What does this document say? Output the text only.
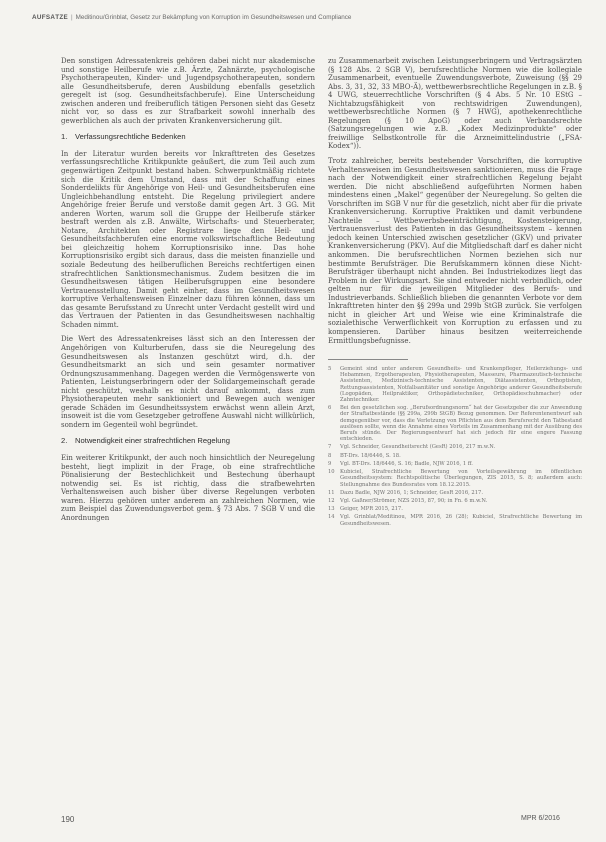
AUFSÄTZE | Meditinou/Grinblat, Gesetz zur Bekämpfung von Korruption im Gesundheitswesen und Compliance

Den sonstigen Adressatenkreis gehören dabei nicht nur akademische und sonstige Heilberufe wie z.B. Ärzte, Zahnärzte, psychologische Psychotherapeuten, Kinder- und Jugendpsychotherapeuten, sondern alle Gesundheitsberufe, deren Ausbildung ebenfalls gesetzlich geregelt ist (sog. Gesundheitsfachberufe). Eine Unterscheidung zwischen anderen und freiberuflich tätigen Personen sieht das Gesetz nicht vor, so dass es zur Strafbarkeit sowohl innerhalb des gewerblichen als auch der privaten Krankenversicherung gilt.

1. Verfassungsrechtliche Bedenken

In der Literatur wurden bereits vor Inkrafttreten des Gesetzes verfassungsrechtliche Kritikpunkte geäußert, die zum Teil auch zum gegenwärtigen Zeitpunkt bestand haben. Schwerpunktmäßig richtete sich die Kritik dem Umstand, dass mit der Schaffung eines Sonderdelikts für Angehörige von Heil- und Gesundheitsberufen eine Ungleichbehandlung entsteht. Die Regelung privilegiert andere Angehörige freier Berufe und verstoße damit gegen Art. 3 GG. Mit anderen Worten, warum soll die Gruppe der Heilberufe stärker bestraft werden als z.B. Anwälte, Wirtschafts- und Steuerberater, Notare, Architekten oder Registrare liege den Heil- und Gesundheitsfachberufen eine enorme volkswirtschaftliche Bedeutung bei gleichzeitig hohem Korruptionsrisiko inne. Das hohe Korruptionsrisiko ergibt sich daraus, dass die meisten finanzielle und soziale Bedeutung des heilberuflichen Bereichs rechtfertigen einen strafrechtlichen Sanktionsmechanismus. Zudem besitzen die im Gesundheitswesen tätigen Heilberufsgruppen eine besondere Vertrauensstellung. Damit geht einher, dass im Gesundheitswesen korruptive Verhaltensweisen Einzelner dazu führen können, dass um das gesamte Berufsstand zu Unrecht unter Verdacht gestellt wird und das Vertrauen der Patienten in das Gesundheitswesen nachhaltig Schaden nimmt.

Die Wert des Adressatenkreises lässt sich an den Interessen der Angehörigen von Kulturberufen, dass sie die Neuregelung des Gesundheitswesen als Instanzen geschützt wird, d.h. der Gesundheitsmarkt an sich und sein gesamter normativer Ordnungszusammenhang. Dagegen werden die Vermögenswerte von Patienten, Leistungserbringern oder der Solidargemeinschaft gerade nicht geschützt, weshalb es nicht darauf ankommt, dass zum Physiotherapeuten mehr sanktioniert und Bewegen auch weniger gerade Schäden im Gesundheitssystem erwächst wenn allein Arzt, insoweit ist die vom Gesetzgeber getroffene Auswahl nicht willkürlich, sondern im Gegenteil wohl begründet.

2. Notwendigkeit einer strafrechtlichen Regelung

Ein weiterer Kritikpunkt, der auch noch hinsichtlich der Neuregelung besteht, liegt implizit in der Frage, ob eine strafrechtliche Pönalisierung der Bestechlichkeit und Bestechung überhaupt notwendig sei. Es ist richtig, dass die strafbewehrten Verhaltensweisen auch bisher über diverse Regelungen verboten waren. Hierzu gehören unter anderem an zahlreichen Normen, wie zum Beispiel das Zuwendungsverbot gem. § 73 Abs. 7 SGB V und die Anordnungen

zu Zusammenarbeit zwischen Leistungserbringern und Vertragsärzten (§ 128 Abs. 2 SGB V), berufsrechtliche Normen wie die kollegiale Zusammenarbeit, eventuelle Zuwendungsverbote, Zuweisung (§§ 29 Abs. 3, 31, 32, 33 MBO-Ä), wettbewerbsrechtliche Regelungen in z.B. § 4 UWG, steuerrechtliche Vorschriften (§ 4 Abs. 5 Nr. 10 EStG – Nichtabzugsfähigkeit von rechtswidrigen Zuwendungen), wettbewerbsrechtliche Normen (§ 7 HWG), apothekenrechtliche Regelungen (§ 10 ApoG) oder auch Verbandsrechte (Satzungsregelungen wie z.B. „Kodex Medizinprodukte“ oder freiwillige Selbstkontrolle für die Arzneimittelindustrie („FSA-Kodex“)).

Trotz zahlreicher, bereits bestehender Vorschriften, die korruptive Verhaltensweisen im Gesundheitswesen sanktionieren, muss die Frage nach der Notwendigkeit einer strafrechtlichen Regelung bejaht werden. Die nicht abschließend aufgeführten Normen haben mindestens einen „Makel“ gegenüber der Neuregelung. So gelten die Vorschriften im SGB V nur für die gesetzlich, nicht aber für die private Krankenversicherung. Korruptive Praktiken und damit verbundene Nachteile – Wettbewerbsbeeinträchtigung, Kostensteigerung, Vertrauensverlust des Patienten in das Gesundheitssystem – kennen jedoch keinen Unterschied zwischen gesetzlicher (GKV) und privater Krankenversicherung (PKV). Auf die Mitgliedschaft darf es daher nicht ankommen. Die berufsrechtlichen Normen beziehen sich nur bestimmte Berufsträger. Die Berufskammern können diese Nicht-Berufsträger überhaupt nicht ahnden. Bei Industriekodizes liegt das Problem in der Wirkungsart. Sie sind entweder nicht verbindlich, oder gelten nur für die jeweiligen Mitglieder des Berufs- und Industrieverbands. Schließlich blieben die genannten Verbote vor dem Inkrafttreten hinter den §§ 299a und 299b StGB zurück. Sie verfolgen nicht in gleicher Art und Weise wie eine Kriminalstrafe die sozialethische Verwerflichkeit von Korruption zu erfassen und zu kompensieren. Darüber hinaus besitzen weiterreichende Ermittlungsbefugnisse.

5	Gemeint sind unter anderem Gesundheits- und Krankenpfleger, Heilerziehungs- und Hebammen, Ergotherapeuten, Physiotherapeuten, Masseure, Pharmazeutisch-technische Assistenten, Medizinisch-technische Assistenten, Diätassistenten, Orthoptisten, Rettungsassistenten, Notfallsanitäter und sonstige Angehörige anderer Gesundheitsberufe (Logopäden, Heilpraktiker, Orthopädietechniker, Orthopädieschuhmacher) oder Zahntechniker.
6	Bei den gesetzlichen sog. „Berufsordnungsnorm“ hat der Gesetzgeber die zur Anwendung der Straftatbestände (§§ 299a, 299b StGB) Bezug genommen. Der Referentenentwurf sah demgegenüber vor, dass die Verletzung von Pflichten aus dem Berufsrecht den Tatbestand auslösen sollte, wenn die Annahme eines Vorteils im Zusammenhang mit der Ausübung des Berufs stünde. Der Regierungsentwurf hat sich jedoch für eine engere Fassung entschieden.
7	Vgl. Schneider, Gesundheitsrecht (GesR) 2016, 217 m.w.N.
8	BT-Drs. 18/6446, S. 18.
9	Vgl. BT-Drs. 18/6446, S. 16; Badle, NJW 2016, 1 ff.
10	Kubiciel, Strafrechtliche Bewertung von Vorteilsgewährung im öffentlichen Gesundheitssystem: Rechtspolitische Überlegungen, ZIS 2015, S. 8; außerdem auch: Stellungnahme des Bundesrates vom 18.12.2015.
11	Dazu Badle, NJW 2016, 1; Schneider, GesR 2016, 217.
12	Vgl. Gaßner/Strömer, NZS 2015, 87, 90; in Fn. 6 m.w.N.
13	Geiger, MPR 2015, 217.
14	Vgl. Grinblat/Meditinou, MPR 2016, 26 (28); Kubiciel, Strafrechtliche Bewertung im Gesundheitswesen.
190	MPR 6/2016
